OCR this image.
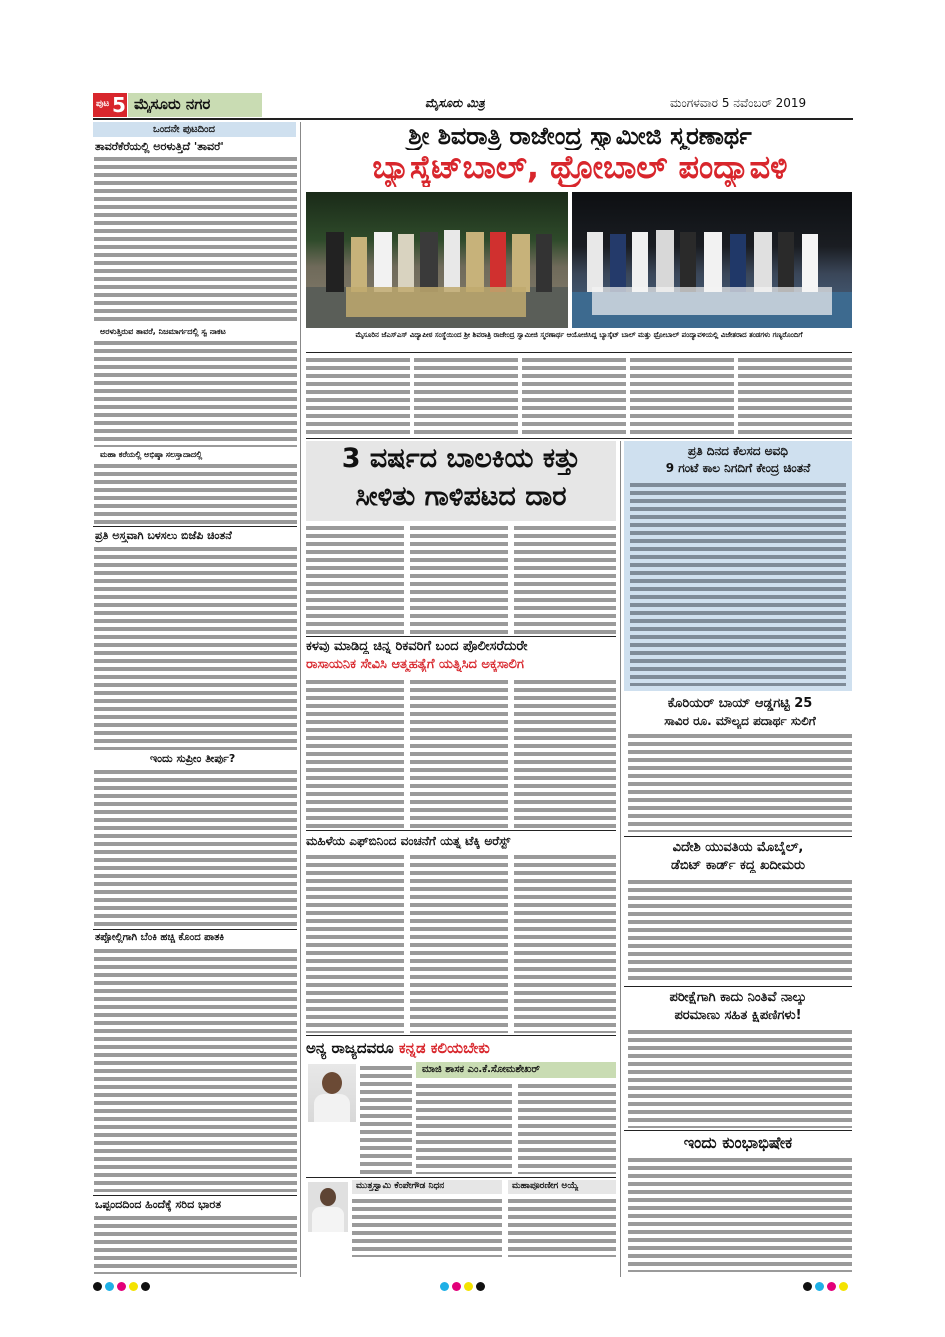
ಪುಟ 5 ಮೈಸೂರು ನಗರ	ಮೈಸೂರು ಮಿತ್ರ	ಮಂಗಳವಾರ 5 ನವೆಂಬರ್ 2019
ಒಂದನೇ ಪುಟದಿಂದ
ತಾವರೆಕೆರೆಯಲ್ಲಿ ಅರಳುತ್ತಿದೆ 'ತಾವರೆ'
ಅರಳುತ್ತಿರುವ ತಾವರೆ, ನಿಜಮಾರ್ಗದಲ್ಲಿ ಸ್ವ ನಾಕಟ
ಮಹಾ ಕರೆಯಲ್ಲಿ ಅಭಿಷ್ಠಾ ಸಲಸ್ತಾದಾದಲ್ಲಿ
ಪ್ರತಿ ಅಸ್ತ್ರವಾಗಿ ಬಳಸಲು ಬಿಜೆಪಿ ಚಿಂತನೆ
ಇಂದು ಸುಪ್ರೀಂ ತೀರ್ಪು?
ತಪ್ಪೋಲ್ಲಿಗಾಗಿ ಬೆಂಕಿ ಹಚ್ಚಿ ಕೊಂದ ಪಾತಕಿ
ಒಪ್ಪಂದದಿಂದ ಹಿಂದೆಕ್ಕೆ ಸರಿದ ಭಾರತ
ಶ್ರೀ ಶಿವರಾತ್ರಿ ರಾಜೇಂದ್ರ ಸ್ವಾಮೀಜಿ ಸ್ಮರಣಾರ್ಥ
ಬ್ಯಾಸ್ಕೆಟ್‌ಬಾಲ್, ಥ್ರೋಬಾಲ್ ಪಂದ್ಯಾವಳಿ
ಮೈಸೂರಿನ ಜೆಎಸ್‌ಎಸ್ ವಿದ್ಯಾಪೀಠ ಸಂಸ್ಥೆಯಿಂದ ಶ್ರೀ ಶಿವರಾತ್ರಿ ರಾಜೇಂದ್ರ ಸ್ವಾಮೀಜಿ ಸ್ಮರಣಾರ್ಥ ಆಯೋಜಿಸಿದ್ದ ಬ್ಯಾಸ್ಕೆಟ್ ಬಾಲ್ ಮತ್ತು ಥ್ರೋಬಾಲ್ ಪಂದ್ಯಾವಳಿಯಲ್ಲಿ ವಿಜೇತರಾದ ತಂಡಗಳು ಗಣ್ಯರೊಂದಿಗೆ
3 ವರ್ಷದ ಬಾಲಕಿಯ ಕತ್ತು
ಸೀಳಿತು ಗಾಳಿಪಟದ ದಾರ
ಪ್ರತಿ ದಿನದ ಕೆಲಸದ ಅವಧಿ
9 ಗಂಟೆ ಕಾಲ ನಿಗದಿಗೆ ಕೇಂದ್ರ ಚಿಂತನೆ
ಕಳವು ಮಾಡಿದ್ದ ಚಿನ್ನ ರಿಕವರಿಗೆ ಬಂದ ಪೊಲೀಸರೆದುರೇ
ರಾಸಾಯನಿಕ ಸೇವಿಸಿ ಆತ್ಮಹತ್ಯೆಗೆ ಯತ್ನಿಸಿದ ಅಕ್ಕಸಾಲಿಗ
ಕೊರಿಯರ್ ಬಾಯ್ ಆಡ್ಡಗಟ್ಟಿ 25
ಸಾವಿರ ರೂ. ಮೌಲ್ಯದ ಪದಾರ್ಥ ಸುಲಿಗೆ
ಮಹಿಳೆಯ ಎಫ್‌ಬಿನಿಂದ ವಂಚನೆಗೆ ಯತ್ನ ಟೆಕ್ಕಿ ಅರೆಸ್ಟ್	ವಿದೇಶಿ ಯುವತಿಯ ಮೊಬೈಲ್,
ಡೆಬಿಟ್ ಕಾರ್ಡ್ ಕದ್ದ ಖದೀಮರು
ಪರೀಕ್ಷೆಗಾಗಿ ಕಾದು ನಿಂತಿವೆ ನಾಲ್ಕು
ಪರಮಾಣು ಸಹಿತ ಕ್ಷಿಪಣಿಗಳು!
ಅನ್ಯ ರಾಜ್ಯದವರೂ ಕನ್ನಡ ಕಲಿಯಬೇಕು
ಮಾಜಿ ಶಾಸಕ ಎಂ.ಕೆ.ಸೋಮಶೇಖರ್
ಇಂದು ಕುಂಭಾಭಿಷೇಕ
ಮುತ್ತಸ್ವಾಮಿ ಕೆಂಪೇಗೌಡ ನಿಧನ	ಮಹಾಪೂರಣೀಗ ಅಯ್ಯೆ
